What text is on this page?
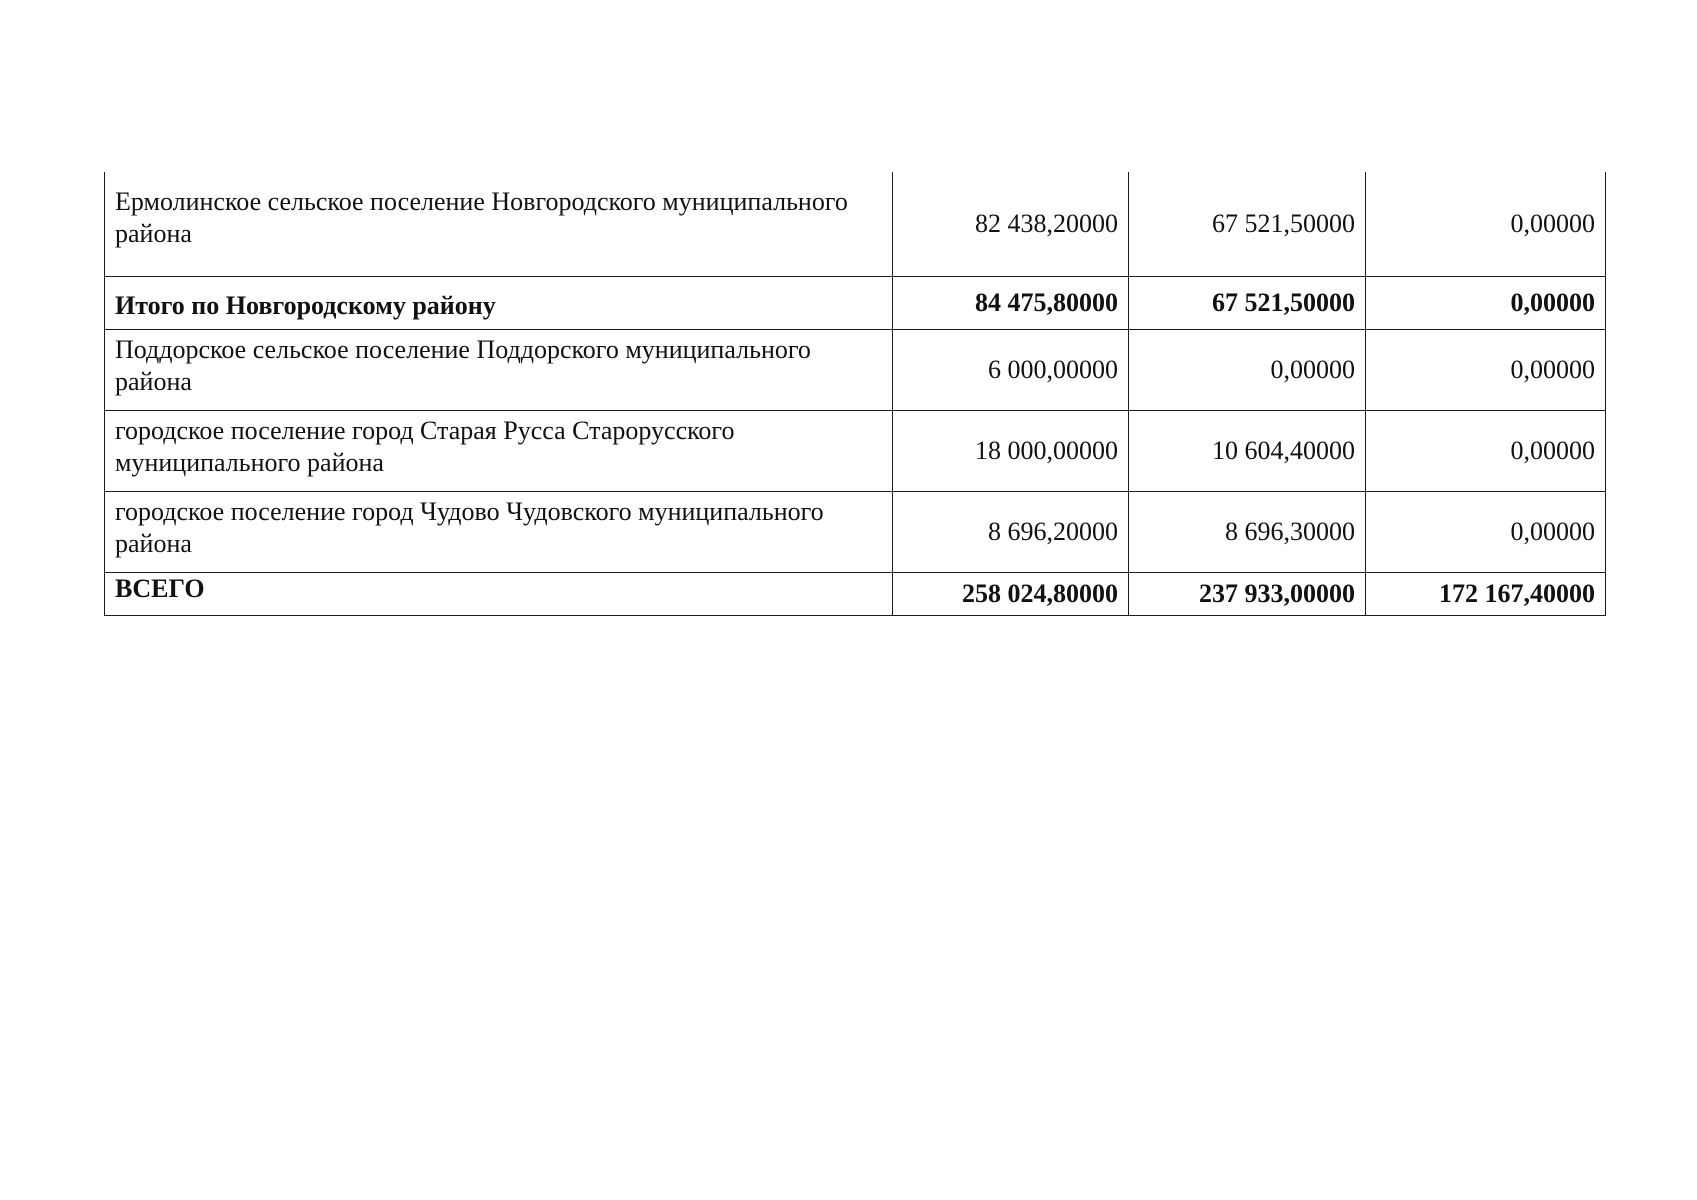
Ермолинское сельское поселение Новгородского муниципального района	82 438,20000	67 521,50000	0,00000
Итого по Новгородскому району	84 475,80000	67 521,50000	0,00000
Поддорское сельское поселение Поддорского муниципального района	6 000,00000	0,00000	0,00000
городское поселение город Старая Русса Старорусского муниципального района	18 000,00000	10 604,40000	0,00000
городское поселение город Чудово Чудовского муниципального района	8 696,20000	8 696,30000	0,00000
ВСЕГО	258 024,80000	237 933,00000	172 167,40000
